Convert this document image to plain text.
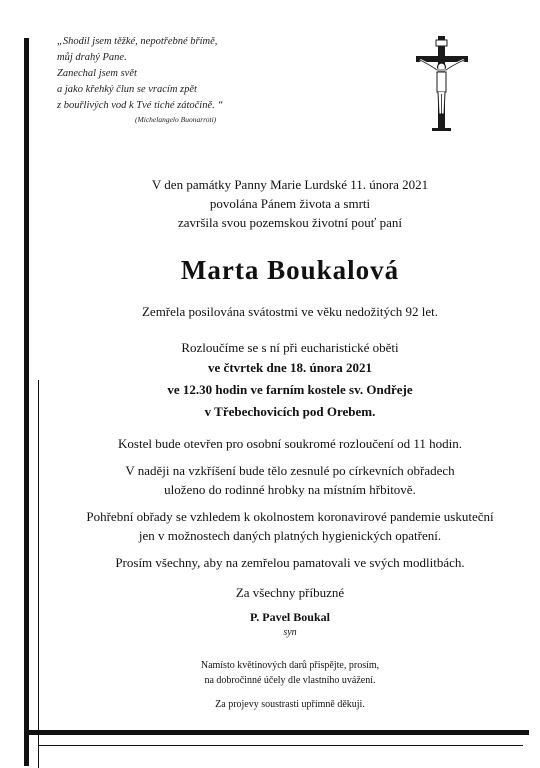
„Shodil jsem těžké, nepotřebné břímě,
můj drahý Pane.
Zanechal jsem svět
a jako křehký člun se vracím zpět
z bouřlivých vod k Tvé tiché zátočině. “
(Michelangelo Buonarroti)
V den památky Panny Marie Lurdské 11. února 2021
povolána Pánem života a smrti
završila svou pozemskou životní pouť paní
Marta Boukalová
Zemřela posilována svátostmi ve věku nedožitých 92 let.
Rozloučíme se s ní při eucharistické oběti
ve čtvrtek dne 18. února 2021
ve 12.30 hodin ve farním kostele sv. Ondřeje
v Třebechovicích pod Orebem.
Kostel bude otevřen pro osobní soukromé rozloučení od 11 hodin.
V naději na vzkříšení bude tělo zesnulé po církevních obřadech
uloženo do rodinné hrobky na místním hřbitově.
Pohřební obřady se vzhledem k okolnostem koronavirové pandemie uskuteční
jen v možnostech daných platných hygienických opatření.
Prosím všechny, aby na zemřelou pamatovali ve svých modlitbách.
Za všechny příbuzné
P. Pavel Boukal
syn
Namísto květinových darů přispějte, prosím,
na dobročinné účely dle vlastního uvážení.
Za projevy soustrasti upřímně děkuji.
